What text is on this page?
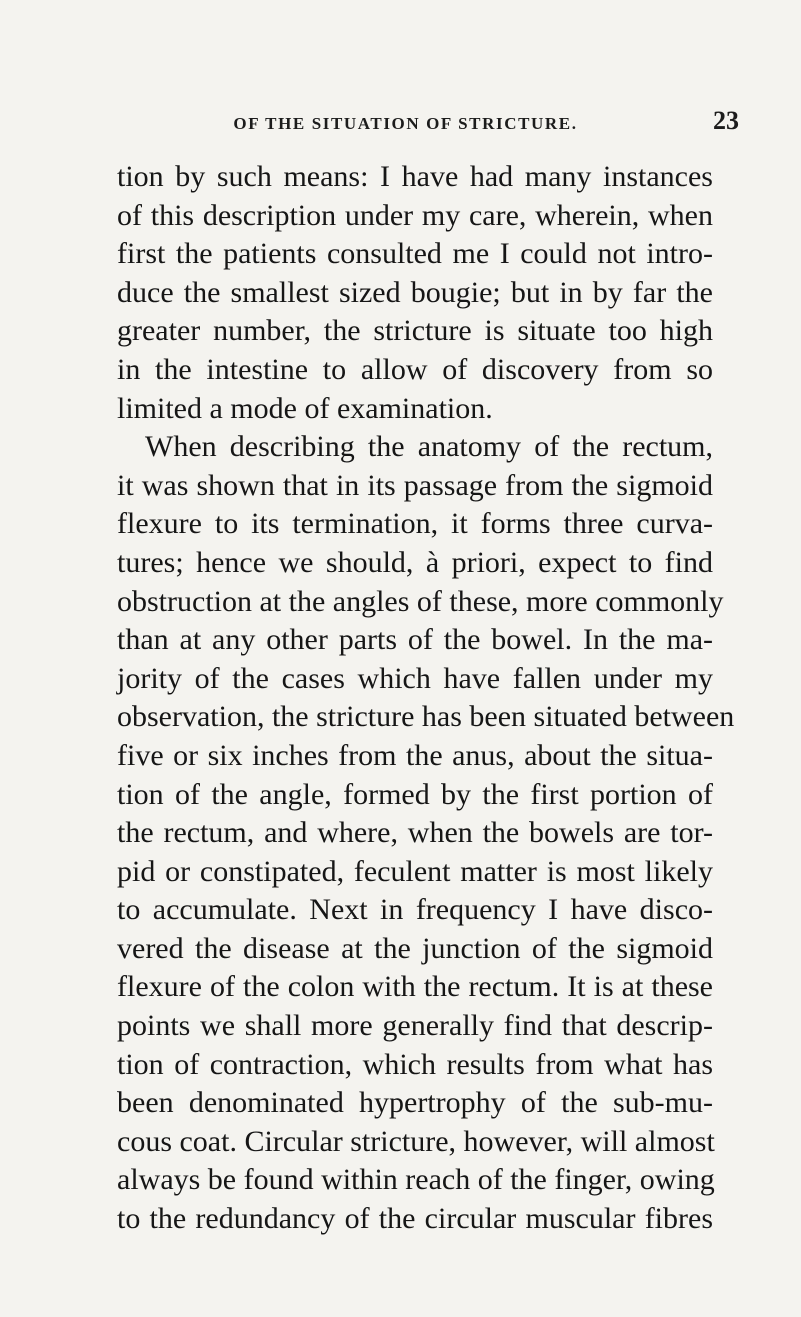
OF THE SITUATION OF STRICTURE.	23
tion by such means: I have had many instances
of this description under my care, wherein, when
first the patients consulted me I could not intro-
duce the smallest sized bougie; but in by far the
greater number, the stricture is situate too high
in the intestine to allow of discovery from so
limited a mode of examination.
When describing the anatomy of the rectum,
it was shown that in its passage from the sigmoid
flexure to its termination, it forms three curva-
tures; hence we should, à priori, expect to find
obstruction at the angles of these, more commonly
than at any other parts of the bowel. In the ma-
jority of the cases which have fallen under my
observation, the stricture has been situated between
five or six inches from the anus, about the situa-
tion of the angle, formed by the first portion of
the rectum, and where, when the bowels are tor-
pid or constipated, feculent matter is most likely
to accumulate. Next in frequency I have disco-
vered the disease at the junction of the sigmoid
flexure of the colon with the rectum. It is at these
points we shall more generally find that descrip-
tion of contraction, which results from what has
been denominated hypertrophy of the sub-mu-
cous coat. Circular stricture, however, will almost
always be found within reach of the finger, owing
to the redundancy of the circular muscular fibres
